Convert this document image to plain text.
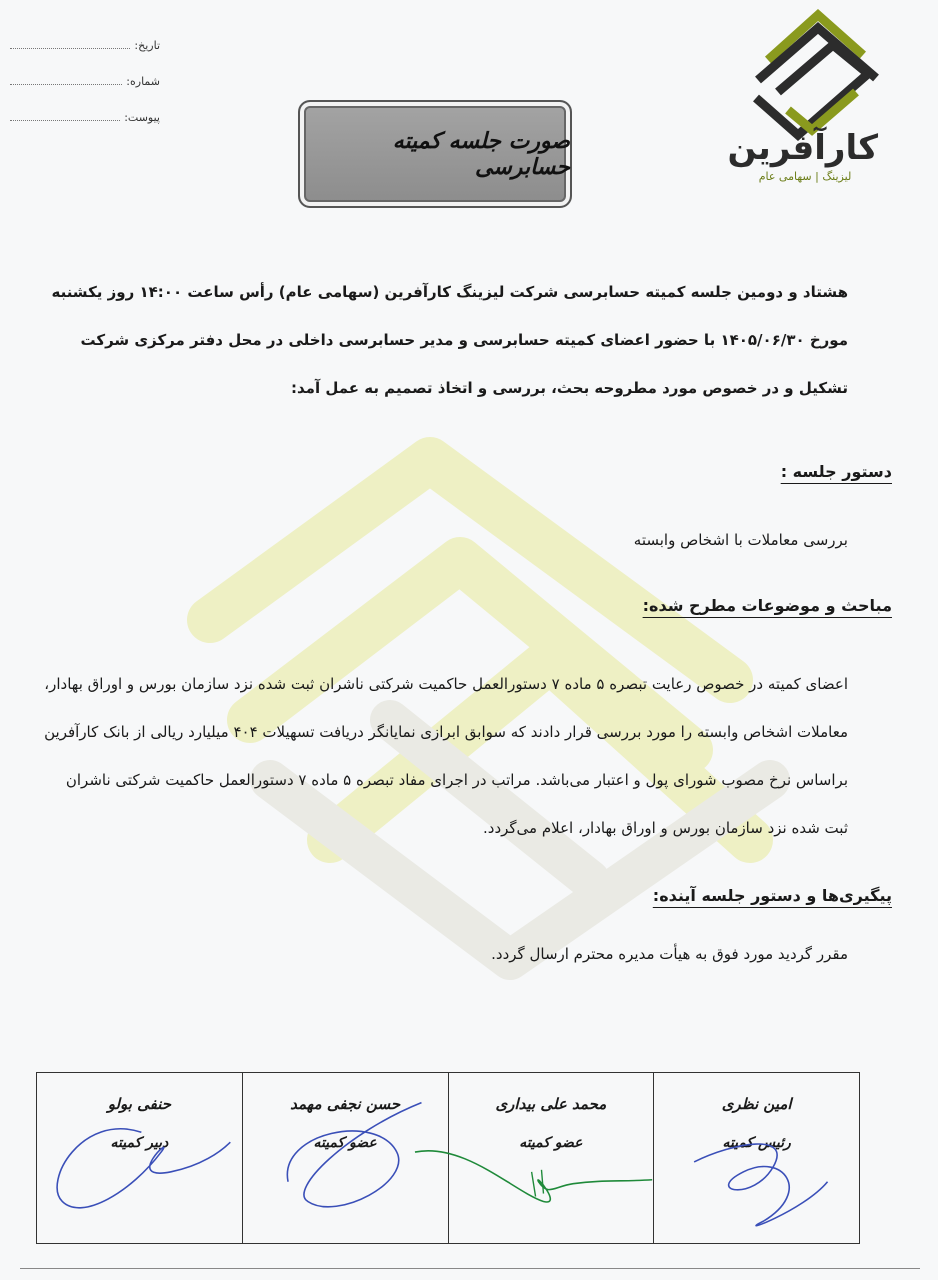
تاریخ:
شماره:
پیوست:
صورت جلسه کمیته حسابرسی	کارآفرین
لیزینگ | سهامی عام
هشتاد و دومین جلسه کمیته حسابرسی شرکت لیزینگ کارآفرین (سهامی عام) رأس ساعت ۱۴:۰۰ روز یکشنبه مورخ ۱۴۰۵/۰۶/۳۰ با حضور اعضای کمیته حسابرسی و مدیر حسابرسی داخلی در محل دفتر مرکزی شرکت تشکیل و در خصوص مورد مطروحه بحث، بررسی و اتخاذ تصمیم به عمل آمد:
دستور جلسه :
بررسی معاملات با اشخاص وابسته
مباحث و موضوعات مطرح شده:
اعضای کمیته در خصوص رعایت تبصره ۵ ماده ۷ دستورالعمل حاکمیت شرکتی ناشران ثبت شده نزد سازمان بورس و اوراق بهادار، معاملات اشخاص وابسته را مورد بررسی قرار دادند که سوابق ابرازی نمایانگر دریافت تسهیلات ۴۰۴ میلیارد ریالی از بانک کارآفرین براساس نرخ مصوب شورای پول و اعتبار می‌باشد. مراتب در اجرای مفاد تبصره ۵ ماده ۷ دستورالعمل حاکمیت شرکتی ناشران ثبت شده نزد سازمان بورس و اوراق بهادار، اعلام می‌گردد.
پیگیری‌ها و دستور جلسه آینده:
مقرر گردید مورد فوق به هیأت مدیره محترم ارسال گردد.
امین نظری
رئیس کمیته
محمد علی بیداری
عضو کمیته
حسن نجفی مهمد
عضو کمیته
حنفی بولو
دبیر کمیته
